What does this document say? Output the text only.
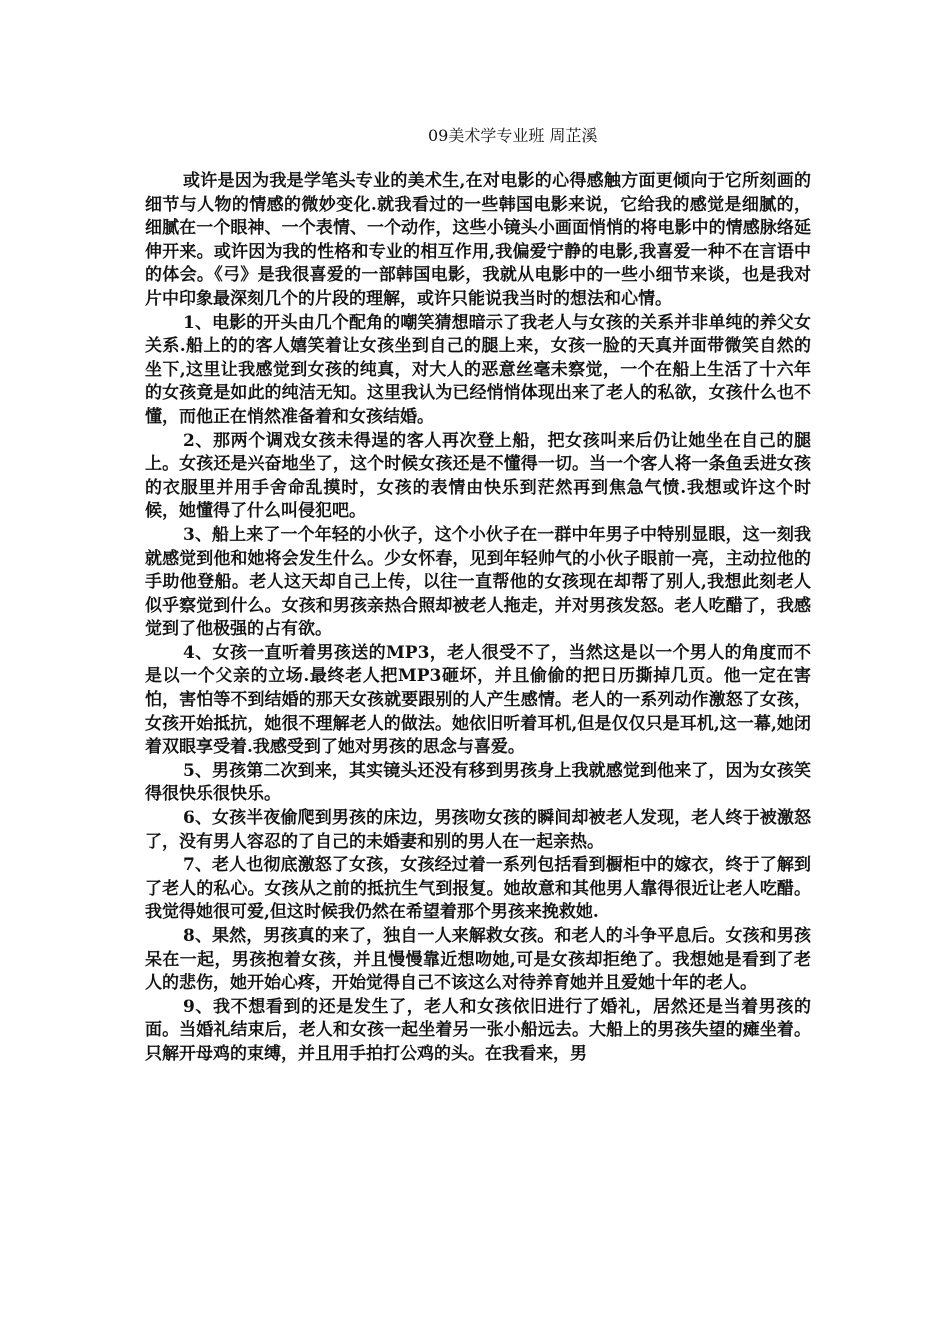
09美术学专业班 周芷溪

或许是因为我是学笔头专业的美术生,在对电影的心得感触方面更倾向于它所刻画的细节与人物的情感的微妙变化.就我看过的一些韩国电影来说，它给我的感觉是细腻的，细腻在一个眼神、一个表情、一个动作，这些小镜头小画面悄悄的将电影中的情感脉络延伸开来。或许因为我的性格和专业的相互作用,我偏爱宁静的电影,我喜爱一种不在言语中的体会。《弓》是我很喜爱的一部韩国电影，我就从电影中的一些小细节来谈，也是我对片中印象最深刻几个的片段的理解，或许只能说我当时的想法和心情。

1、电影的开头由几个配角的嘲笑猜想暗示了我老人与女孩的关系并非单纯的养父女关系.船上的的客人嬉笑着让女孩坐到自己的腿上来，女孩一脸的天真并面带微笑自然的坐下,这里让我感觉到女孩的纯真，对大人的恶意丝毫未察觉，一个在船上生活了十六年的女孩竟是如此的纯洁无知。这里我认为已经悄悄体现出来了老人的私欲，女孩什么也不懂，而他正在悄然准备着和女孩结婚。

2、那两个调戏女孩未得逞的客人再次登上船，把女孩叫来后仍让她坐在自己的腿上。女孩还是兴奋地坐了，这个时候女孩还是不懂得一切。当一个客人将一条鱼丢进女孩的衣服里并用手舍命乱摸时，女孩的表情由快乐到茫然再到焦急气愤.我想或许这个时候，她懂得了什么叫侵犯吧。

3、船上来了一个年轻的小伙子，这个小伙子在一群中年男子中特别显眼，这一刻我就感觉到他和她将会发生什么。少女怀春，见到年轻帅气的小伙子眼前一亮，主动拉他的手助他登船。老人这天却自己上传，以往一直帮他的女孩现在却帮了别人,我想此刻老人似乎察觉到什么。女孩和男孩亲热合照却被老人拖走，并对男孩发怒。老人吃醋了，我感觉到了他极强的占有欲。

4、女孩一直听着男孩送的MP3，老人很受不了，当然这是以一个男人的角度而不是以一个父亲的立场.最终老人把MP3砸坏，并且偷偷的把日历撕掉几页。他一定在害怕，害怕等不到结婚的那天女孩就要跟别的人产生感情。老人的一系列动作激怒了女孩，女孩开始抵抗，她很不理解老人的做法。她依旧听着耳机,但是仅仅只是耳机,这一幕,她闭着双眼享受着.我感受到了她对男孩的思念与喜爱。

5、男孩第二次到来，其实镜头还没有移到男孩身上我就感觉到他来了，因为女孩笑得很快乐很快乐。

6、女孩半夜偷爬到男孩的床边，男孩吻女孩的瞬间却被老人发现，老人终于被激怒了，没有男人容忍的了自己的未婚妻和别的男人在一起亲热。

7、老人也彻底激怒了女孩，女孩经过着一系列包括看到橱柜中的嫁衣，终于了解到了老人的私心。女孩从之前的抵抗生气到报复。她故意和其他男人靠得很近让老人吃醋。我觉得她很可爱,但这时候我仍然在希望着那个男孩来挽救她.

8、果然，男孩真的来了，独自一人来解救女孩。和老人的斗争平息后。女孩和男孩呆在一起，男孩抱着女孩，并且慢慢靠近想吻她,可是女孩却拒绝了。我想她是看到了老人的悲伤，她开始心疼，开始觉得自己不该这么对待养育她并且爱她十年的老人。

9、我不想看到的还是发生了，老人和女孩依旧进行了婚礼，居然还是当着男孩的面。当婚礼结束后，老人和女孩一起坐着另一张小船远去。大船上的男孩失望的瘫坐着。只解开母鸡的束缚，并且用手拍打公鸡的头。在我看来，男
